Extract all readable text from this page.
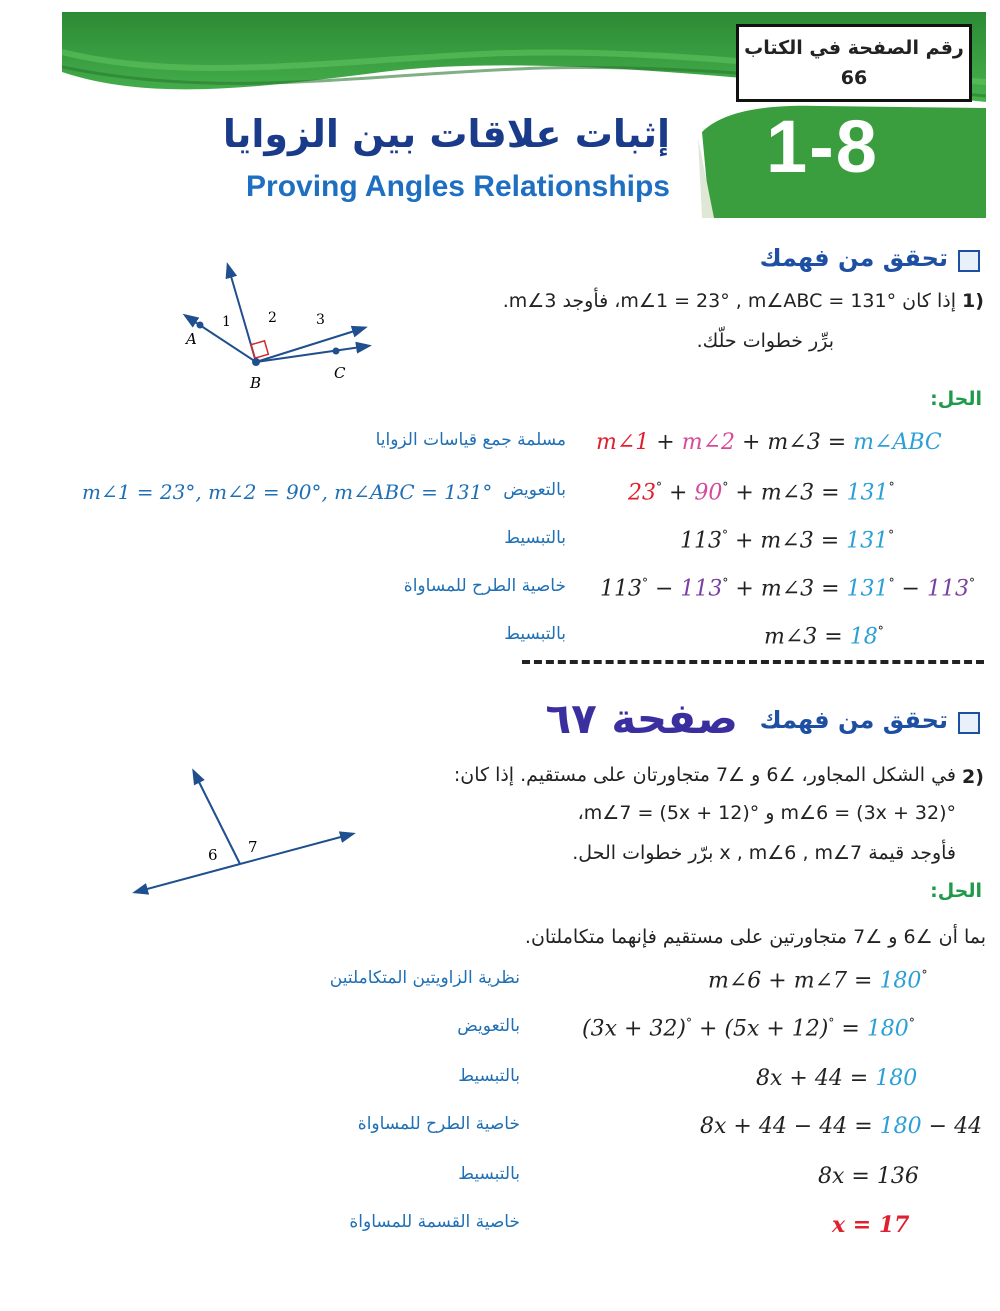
رقم الصفحة في الكتاب
66
1-8
إثبات علاقات بين الزوايا
Proving Angles Relationships
تحقق من فهمك
1)
إذا كان °m∠1 = 23° , m∠ABC = 131، فأوجد m∠3.
برِّر خطوات حلّك.
A
B
C
1	2	3
الحل:
m∠1 + m∠2 + m∠3 = m∠ABC
مسلمة جمع قياسات الزوايا
23° + 90° + m∠3 = 131°
بالتعويض
m∠1 = 23°, m∠2 = 90°, m∠ABC = 131°
113° + m∠3 = 131°
بالتبسيط
113° − 113° + m∠3 = 131° − 113°
خاصية الطرح للمساواة
m∠3 = 18°
بالتبسيط
تحقق من فهمك
صفحة ٦٧
2)
في الشكل المجاور، ∠6 و ∠7 متجاورتان على مستقيم. إذا كان:
°m∠6 = (3x + 32) و °m∠7 = (5x + 12)،
فأوجد قيمة x , m∠6 , m∠7 برّر خطوات الحل.
6 7
الحل:
بما أن ∠6 و ∠7 متجاورتين على مستقيم فإنهما متكاملتان.
m∠6 + m∠7 = 180°
نظرية الزاويتين المتكاملتين
(3x + 32)° + (5x + 12)° = 180°
بالتعويض
8x + 44 = 180
بالتبسيط
8x + 44 − 44 = 180 − 44
خاصية الطرح للمساواة
8x = 136
بالتبسيط
x = 17
خاصية القسمة للمساواة
